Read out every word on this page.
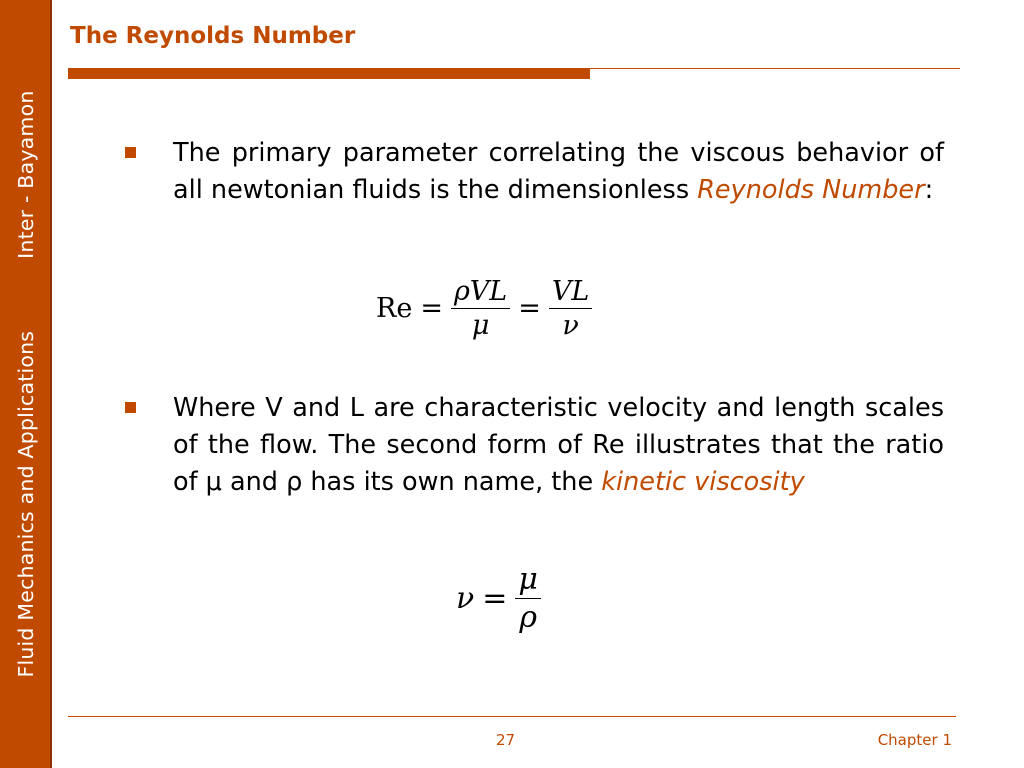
Fluid Mechanics and ApplicationsInter - Bayamon
The Reynolds Number

The primary parameter correlating the viscous behavior of all newtonian fluids is the dimensionless Reynolds Number:

$Re = \frac{\text{ρVL}}{\mu} = \frac{VL}{\nu}$

Where V and L are characteristic velocity and length scales of the flow. The second form of Re illustrates that the ratio of μ and ρ has its own name, the kinetic viscosity

$\nu = \frac{\mu}{\rho}$
27	Chapter 1
